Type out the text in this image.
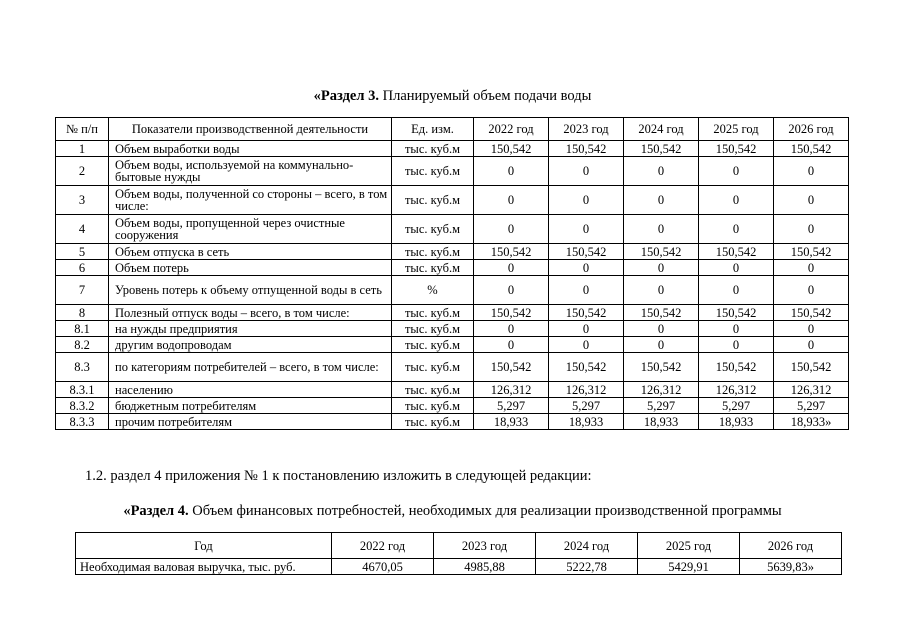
«Раздел 3. Планируемый объем подачи воды
№ п/п	Показатели производственной деятельности	Ед. изм.	2022 год	2023 год	2024 год	2025 год	2026 год
1	Объем выработки воды	тыс. куб.м	150,542	150,542	150,542	150,542	150,542
2	Объем воды, используемой на коммунально-бытовые нужды	тыс. куб.м	0	0	0	0	0
3	Объем воды, полученной со стороны – всего, в том числе:	тыс. куб.м	0	0	0	0	0
4	Объем воды, пропущенной через очистные сооружения	тыс. куб.м	0	0	0	0	0
5	Объем отпуска в сеть	тыс. куб.м	150,542	150,542	150,542	150,542	150,542
6	Объем потерь	тыс. куб.м	0	0	0	0	0
7	Уровень потерь к объему отпущенной воды в сеть	%	0	0	0	0	0
8	Полезный отпуск воды – всего, в том числе:	тыс. куб.м	150,542	150,542	150,542	150,542	150,542
8.1	на нужды предприятия	тыс. куб.м	0	0	0	0	0
8.2	другим водопроводам	тыс. куб.м	0	0	0	0	0
8.3	по категориям потребителей – всего, в том числе:	тыс. куб.м	150,542	150,542	150,542	150,542	150,542
8.3.1	населению	тыс. куб.м	126,312	126,312	126,312	126,312	126,312
8.3.2	бюджетным потребителям	тыс. куб.м	5,297	5,297	5,297	5,297	5,297
8.3.3	прочим потребителям	тыс. куб.м	18,933	18,933	18,933	18,933	18,933»
1.2. раздел 4 приложения № 1 к постановлению изложить в следующей редакции:
«Раздел 4. Объем финансовых потребностей, необходимых для реализации производственной программы
Год	2022 год	2023 год	2024 год	2025 год	2026 год
Необходимая валовая выручка, тыс. руб.	4670,05	4985,88	5222,78	5429,91	5639,83»
